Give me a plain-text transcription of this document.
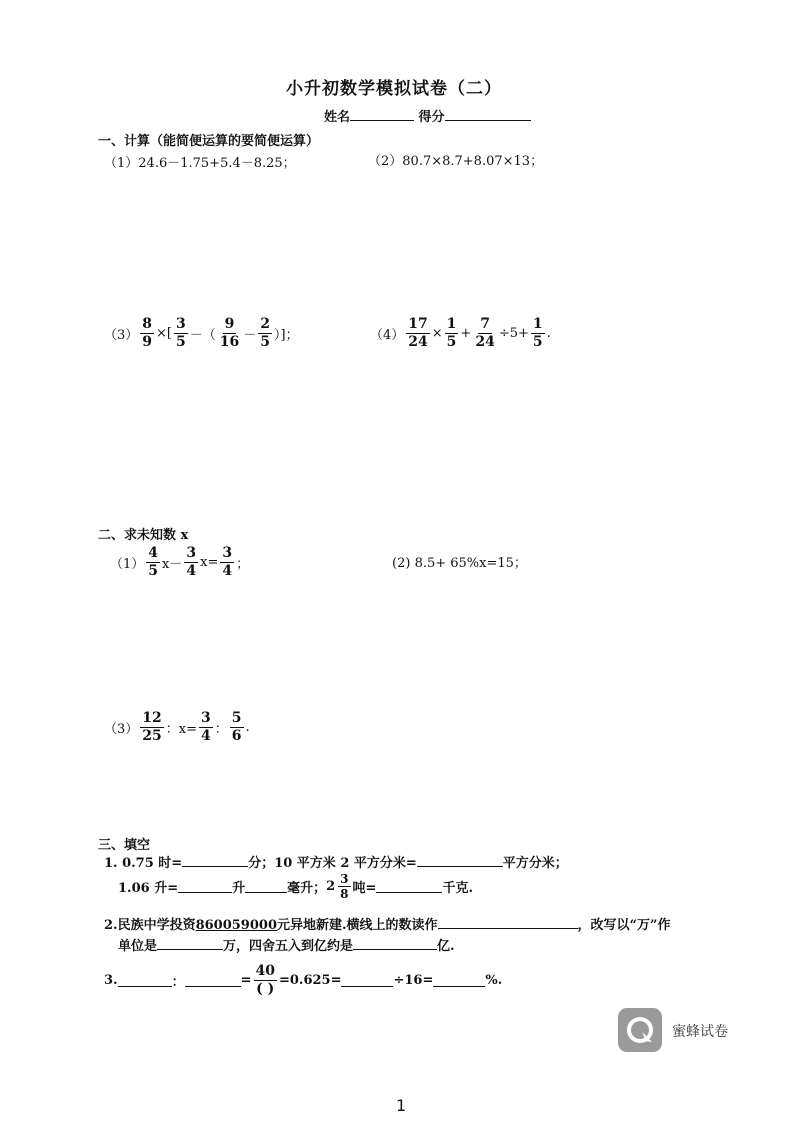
小升初数学模拟试卷（二）
姓名	得分
一、计算（能简便运算的要简便运算）
（1）24.6－1.75+5.4－8.25；	（2）80.7×8.7+8.07×13；
$(3) \frac{8}{9}$ ×[ $\frac{3}{5}$ －（ $\frac{9}{16} - \frac{2}{5}$ ）]；	$(4) \frac{17}{24} \times \frac{1}{5} + \frac{7}{24} \div 5+ \frac{1}{5}$ .
二、求未知数 x
$(1) \frac{4}{5} x- \frac{3}{4} x= \frac{3}{4}$ ；	(2) 8.5+ 65%x=15；
$(3) \frac{12}{25}$ ：$x= \frac{3}{4}$ ： $\frac{5}{6}$ .
三、填空
1. 0.75 时=	分；10 平方米 2 平方分米=	平方分米；
1.06 升=	升	毫升； $2 \frac{3}{8}$ 吨=	千克.
2.民族中学投资860059000元异地新建.横线上的数读作	，改写以“万”作
单位是	万，四舍五入到亿约是	亿.
3.	：	= $\frac{40}{( )} =0.625=$	÷16=	%.
蜜蜂试卷
1
